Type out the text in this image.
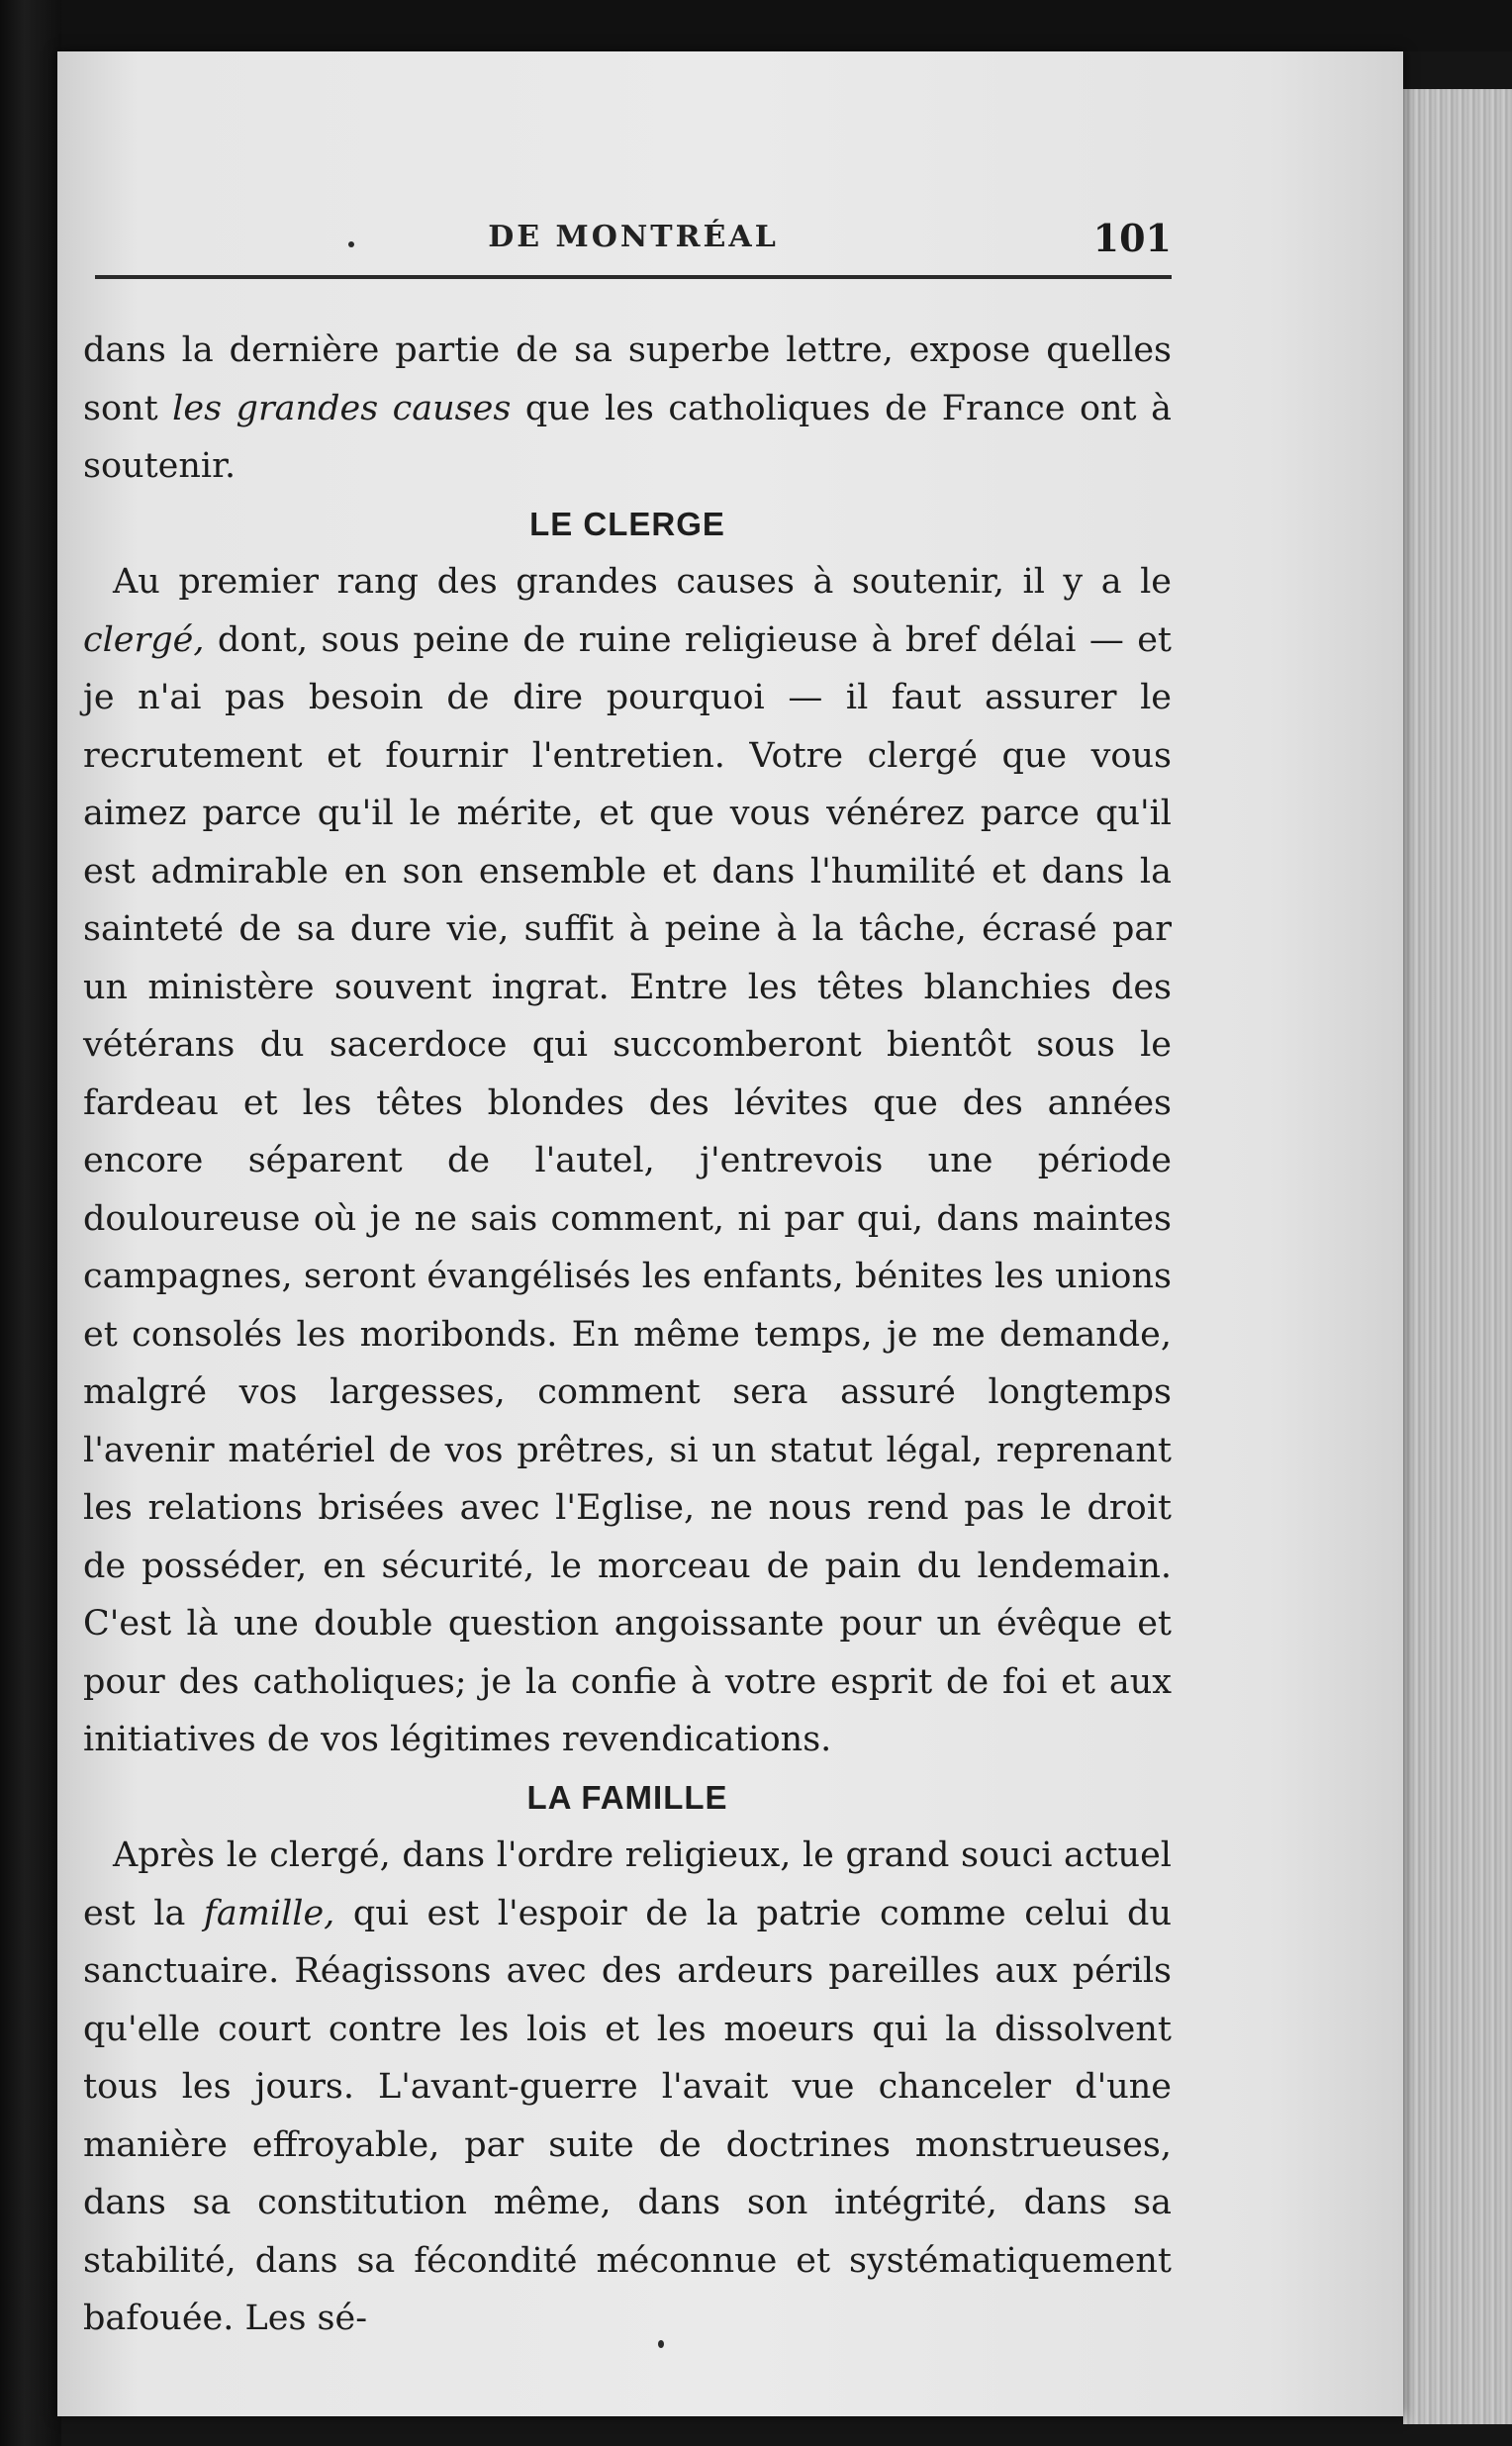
DE MONTRÉAL	101

dans la dernière partie de sa superbe lettre, expose quelles sont les grandes causes que les catholiques de France ont à soutenir.

LE CLERGE

Au premier rang des grandes causes à soutenir, il y a le clergé, dont, sous peine de ruine religieuse à bref délai — et je n'ai pas besoin de dire pourquoi — il faut assurer le recrutement et fournir l'entretien. Votre clergé que vous aimez parce qu'il le mérite, et que vous vénérez parce qu'il est admirable en son ensemble et dans l'humilité et dans la sainteté de sa dure vie, suffit à peine à la tâche, écrasé par un ministère souvent ingrat. Entre les têtes blanchies des vétérans du sacerdoce qui succomberont bientôt sous le fardeau et les têtes blondes des lévites que des années encore séparent de l'autel, j'entrevois une période douloureuse où je ne sais comment, ni par qui, dans maintes campagnes, seront évangélisés les enfants, bénites les unions et consolés les moribonds. En même temps, je me demande, malgré vos largesses, comment sera assuré longtemps l'avenir matériel de vos prêtres, si un statut légal, reprenant les relations brisées avec l'Eglise, ne nous rend pas le droit de posséder, en sécurité, le morceau de pain du lendemain. C'est là une double question angoissante pour un évêque et pour des catholiques; je la confie à votre esprit de foi et aux initiatives de vos légitimes revendications.

LA FAMILLE

Après le clergé, dans l'ordre religieux, le grand souci actuel est la famille, qui est l'espoir de la patrie comme celui du sanctuaire. Réagissons avec des ardeurs pareilles aux périls qu'elle court contre les lois et les moeurs qui la dissolvent tous les jours. L'avant-guerre l'avait vue chanceler d'une manière effroyable, par suite de doctrines monstrueuses, dans sa constitution même, dans son intégrité, dans sa stabilité, dans sa fécondité méconnue et systématiquement bafouée. Les sé-
